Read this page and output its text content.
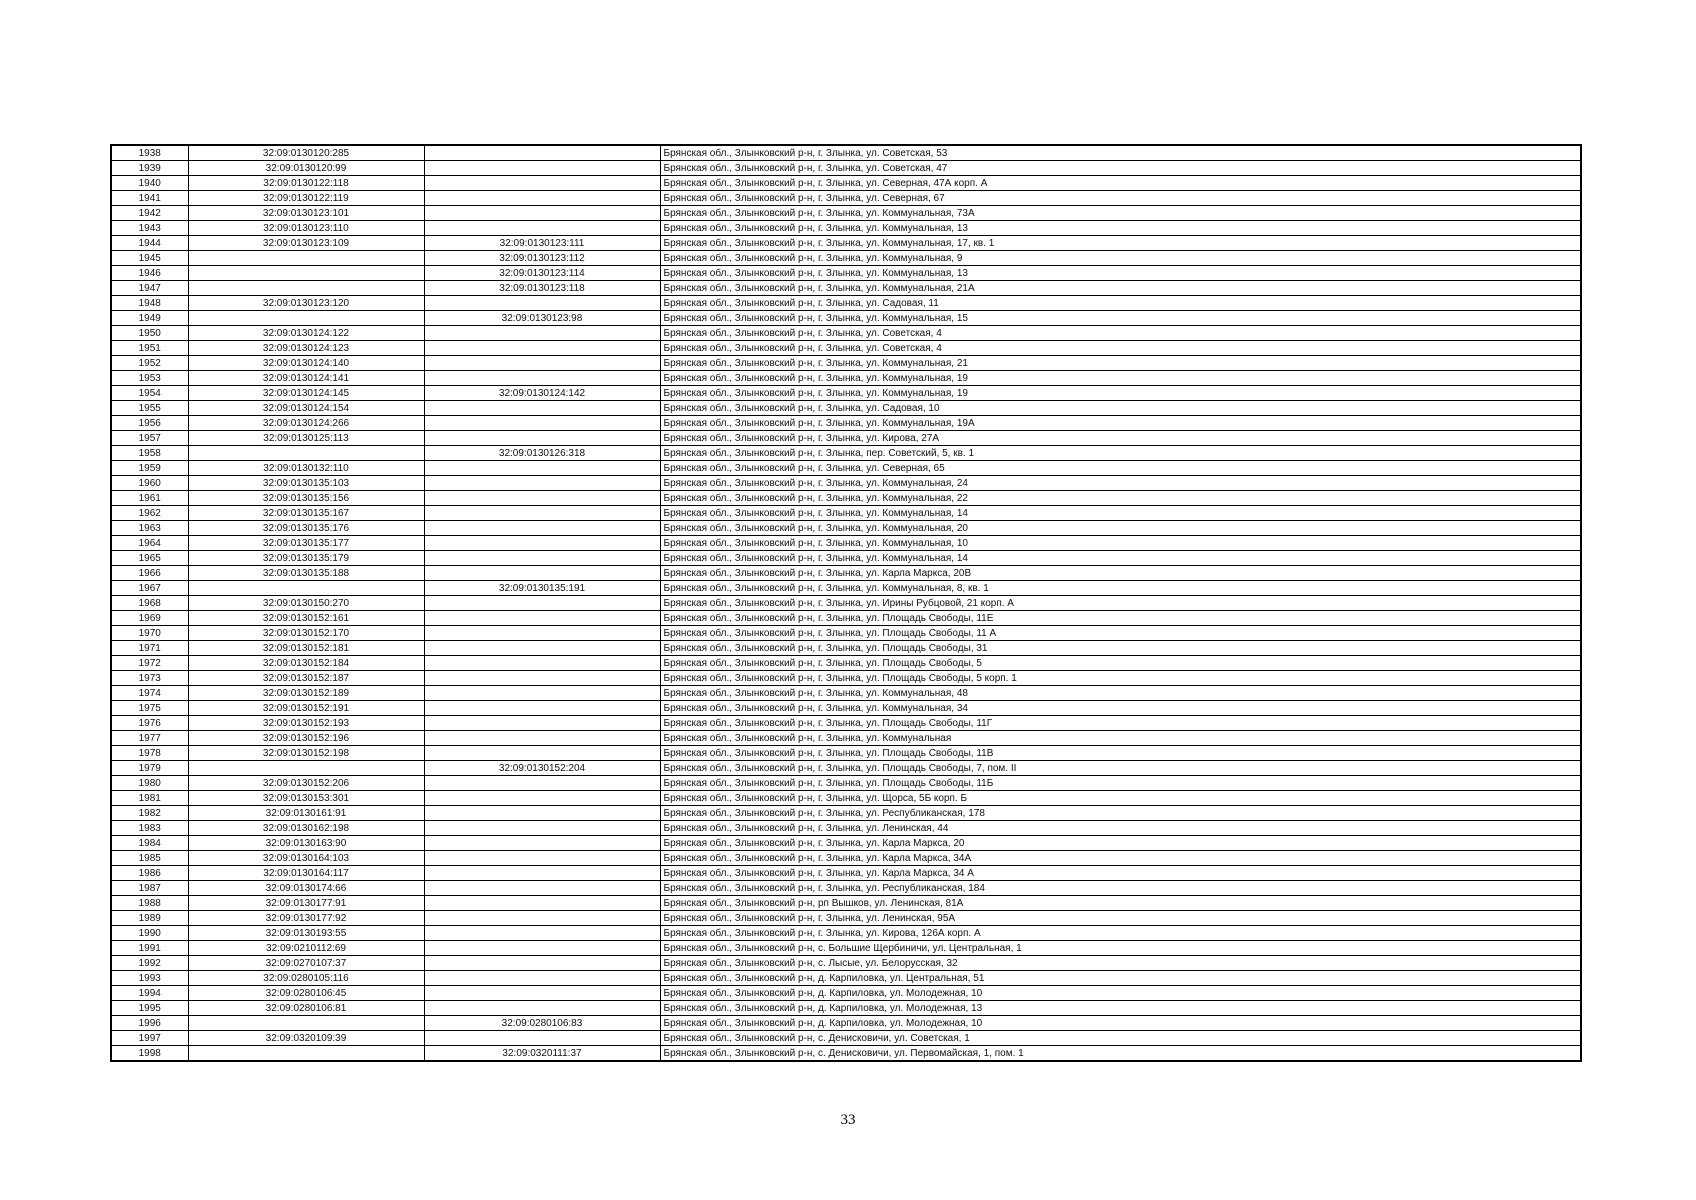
1938	32:09:0130120:285		Брянская обл., Злынковский р-н, г. Злынка, ул. Советская, 53
1939	32:09:0130120:99		Брянская обл., Злынковский р-н, г. Злынка, ул. Советская, 47
1940	32:09:0130122:118		Брянская обл., Злынковский р-н, г. Злынка, ул. Северная, 47А корп. А
1941	32:09:0130122:119		Брянская обл., Злынковский р-н, г. Злынка, ул. Северная, 67
1942	32:09:0130123:101		Брянская обл., Злынковский р-н, г. Злынка, ул. Коммунальная, 73А
1943	32:09:0130123:110		Брянская обл., Злынковский р-н, г. Злынка, ул. Коммунальная, 13
1944	32:09:0130123:109	32:09:0130123:111	Брянская обл., Злынковский р-н, г. Злынка, ул. Коммунальная, 17, кв. 1
1945		32:09:0130123:112	Брянская обл., Злынковский р-н, г. Злынка, ул. Коммунальная, 9
1946		32:09:0130123:114	Брянская обл., Злынковский р-н, г. Злынка, ул. Коммунальная, 13
1947		32:09:0130123:118	Брянская обл., Злынковский р-н, г. Злынка, ул. Коммунальная, 21А
1948	32:09:0130123:120		Брянская обл., Злынковский р-н, г. Злынка, ул. Садовая, 11
1949		32:09:0130123:98	Брянская обл., Злынковский р-н, г. Злынка, ул. Коммунальная, 15
1950	32:09:0130124:122		Брянская обл., Злынковский р-н, г. Злынка, ул. Советская, 4
1951	32:09:0130124:123		Брянская обл., Злынковский р-н, г. Злынка, ул. Советская, 4
1952	32:09:0130124:140		Брянская обл., Злынковский р-н, г. Злынка, ул. Коммунальная, 21
1953	32:09:0130124:141		Брянская обл., Злынковский р-н, г. Злынка, ул. Коммунальная, 19
1954	32:09:0130124:145	32:09:0130124:142	Брянская обл., Злынковский р-н, г. Злынка, ул. Коммунальная, 19
1955	32:09:0130124:154		Брянская обл., Злынковский р-н, г. Злынка, ул. Садовая, 10
1956	32:09:0130124:266		Брянская обл., Злынковский р-н, г. Злынка, ул. Коммунальная, 19А
1957	32:09:0130125:113		Брянская обл., Злынковский р-н, г. Злынка, ул. Кирова, 27А
1958		32:09:0130126:318	Брянская обл., Злынковский р-н, г. Злынка, пер. Советский, 5, кв. 1
1959	32:09:0130132:110		Брянская обл., Злынковский р-н, г. Злынка, ул. Северная, 65
1960	32:09:0130135:103		Брянская обл., Злынковский р-н, г. Злынка, ул. Коммунальная, 24
1961	32:09:0130135:156		Брянская обл., Злынковский р-н, г. Злынка, ул. Коммунальная, 22
1962	32:09:0130135:167		Брянская обл., Злынковский р-н, г. Злынка, ул. Коммунальная, 14
1963	32:09:0130135:176		Брянская обл., Злынковский р-н, г. Злынка, ул. Коммунальная, 20
1964	32:09:0130135:177		Брянская обл., Злынковский р-н, г. Злынка, ул. Коммунальная, 10
1965	32:09:0130135:179		Брянская обл., Злынковский р-н, г. Злынка, ул. Коммунальная, 14
1966	32:09:0130135:188		Брянская обл., Злынковский р-н, г. Злынка, ул. Карла Маркса, 20В
1967		32:09:0130135:191	Брянская обл., Злынковский р-н, г. Злынка, ул. Коммунальная, 8, кв. 1
1968	32:09:0130150:270		Брянская обл., Злынковский р-н, г. Злынка, ул. Ирины Рубцовой, 21 корп. А
1969	32:09:0130152:161		Брянская обл., Злынковский р-н, г. Злынка, ул. Площадь Свободы, 11Е
1970	32:09:0130152:170		Брянская обл., Злынковский р-н, г. Злынка, ул. Площадь Свободы, 11 А
1971	32:09:0130152:181		Брянская обл., Злынковский р-н, г. Злынка, ул. Площадь Свободы, 31
1972	32:09:0130152:184		Брянская обл., Злынковский р-н, г. Злынка, ул. Площадь Свободы, 5
1973	32:09:0130152:187		Брянская обл., Злынковский р-н, г. Злынка, ул. Площадь Свободы, 5 корп. 1
1974	32:09:0130152:189		Брянская обл., Злынковский р-н, г. Злынка, ул. Коммунальная, 48
1975	32:09:0130152:191		Брянская обл., Злынковский р-н, г. Злынка, ул. Коммунальная, 34
1976	32:09:0130152:193		Брянская обл., Злынковский р-н, г. Злынка, ул. Площадь Свободы, 11Г
1977	32:09:0130152:196		Брянская обл., Злынковский р-н, г. Злынка, ул. Коммунальная
1978	32:09:0130152:198		Брянская обл., Злынковский р-н, г. Злынка, ул. Площадь Свободы, 11В
1979		32:09:0130152:204	Брянская обл., Злынковский р-н, г. Злынка, ул. Площадь Свободы, 7, пом. II
1980	32:09:0130152:206		Брянская обл., Злынковский р-н, г. Злынка, ул. Площадь Свободы, 11Б
1981	32:09:0130153:301		Брянская обл., Злынковский р-н, г. Злынка, ул. Щорса, 5Б корп. Б
1982	32:09:0130161:91		Брянская обл., Злынковский р-н, г. Злынка, ул. Республиканская, 178
1983	32:09:0130162:198		Брянская обл., Злынковский р-н, г. Злынка, ул. Ленинская, 44
1984	32:09:0130163:90		Брянская обл., Злынковский р-н, г. Злынка, ул. Карла Маркса, 20
1985	32:09:0130164:103		Брянская обл., Злынковский р-н, г. Злынка, ул. Карла Маркса, 34А
1986	32:09:0130164:117		Брянская обл., Злынковский р-н, г. Злынка, ул. Карла Маркса, 34 А
1987	32:09:0130174:66		Брянская обл., Злынковский р-н, г. Злынка, ул. Республиканская, 184
1988	32:09:0130177:91		Брянская обл., Злынковский р-н, рп Вышков, ул. Ленинская, 81А
1989	32:09:0130177:92		Брянская обл., Злынковский р-н, г. Злынка, ул. Ленинская, 95А
1990	32:09:0130193:55		Брянская обл., Злынковский р-н, г. Злынка, ул. Кирова, 126А корп. А
1991	32:09:0210112:69		Брянская обл., Злынковский р-н, с. Большие Щербиничи, ул. Центральная, 1
1992	32:09:0270107:37		Брянская обл., Злынковский р-н, с. Лысые, ул. Белорусская, 32
1993	32:09:0280105:116		Брянская обл., Злынковский р-н, д. Карпиловка, ул. Центральная, 51
1994	32:09:0280106:45		Брянская обл., Злынковский р-н, д. Карпиловка, ул. Молодежная, 10
1995	32:09:0280106:81		Брянская обл., Злынковский р-н, д. Карпиловка, ул. Молодежная, 13
1996		32:09:0280106:83	Брянская обл., Злынковский р-н, д. Карпиловка, ул. Молодежная, 10
1997	32:09:0320109:39		Брянская обл., Злынковский р-н, с. Денисковичи, ул. Советская, 1
1998		32:09:0320111:37	Брянская обл., Злынковский р-н, с. Денисковичи, ул. Первомайская, 1, пом. 1
33
